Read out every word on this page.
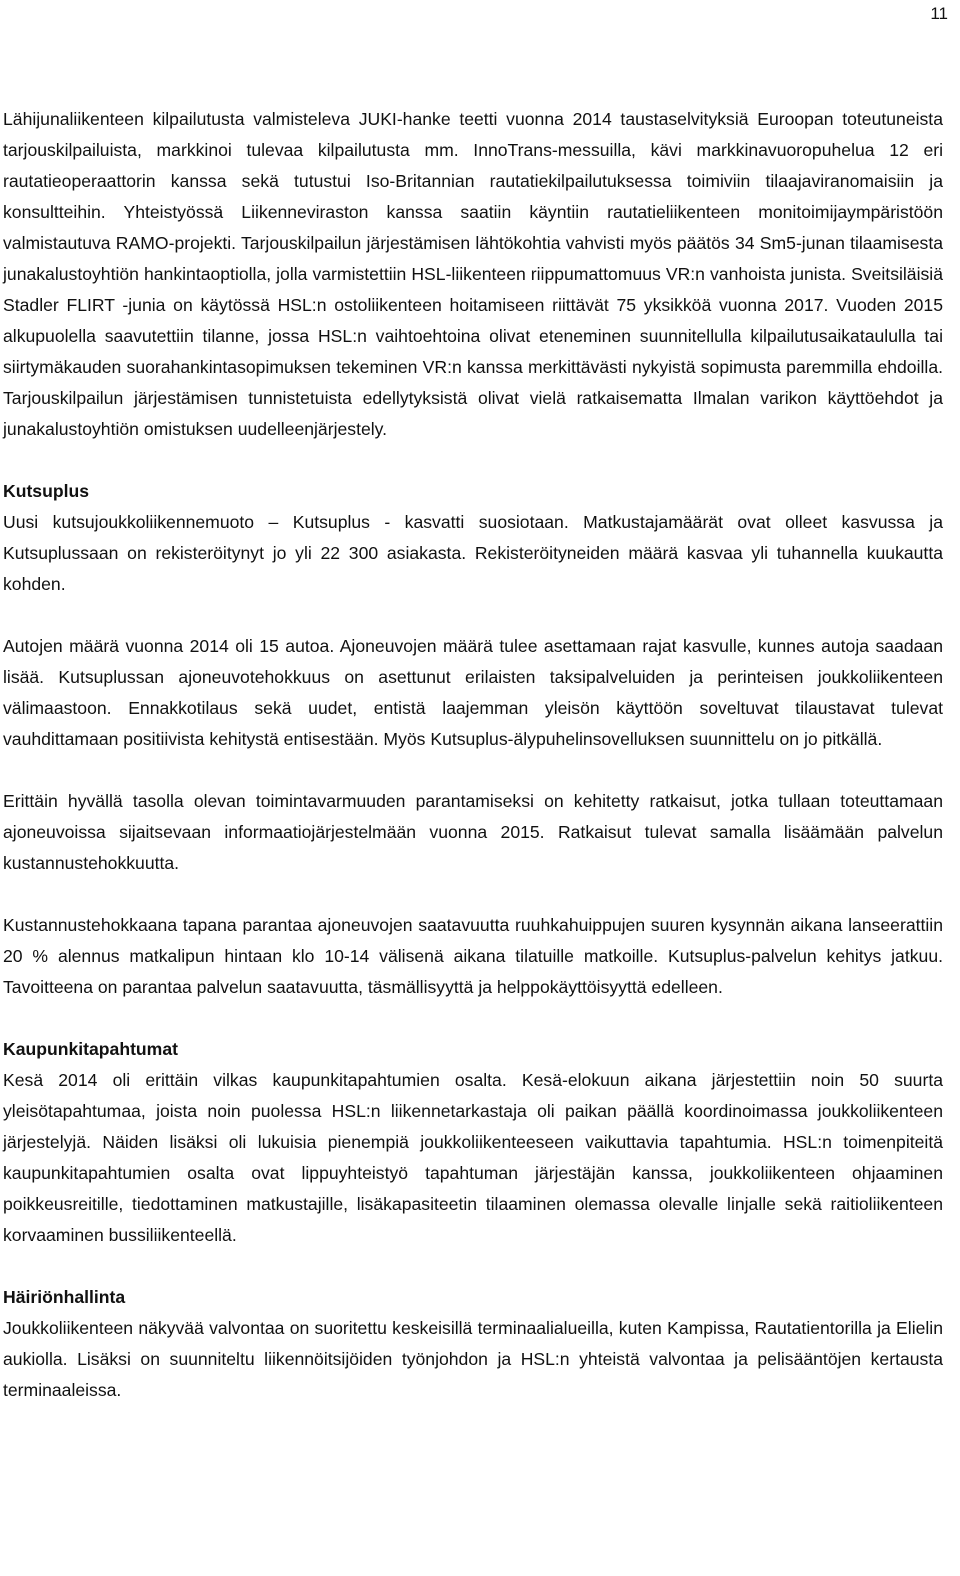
11

Lähijunaliikenteen kilpailutusta valmisteleva JUKI-hanke teetti vuonna 2014 taustaselvityksiä Euroopan toteutuneista tarjouskilpailuista, markkinoi tulevaa kilpailutusta mm. InnoTrans-messuilla, kävi markkinavuoropuhelua 12 eri rautatieoperaattorin kanssa sekä tutustui Iso-Britannian rautatiekilpailutuksessa toimiviin tilaajaviranomaisiin ja konsultteihin. Yhteistyössä Liikenneviraston kanssa saatiin käyntiin rautatieliikenteen monitoimijaympäristöön valmistautuva RAMO-projekti. Tarjouskilpailun järjestämisen lähtökohtia vahvisti myös päätös 34 Sm5-junan tilaamisesta junakalustoyhtiön hankintaoptiolla, jolla varmistettiin HSL-liikenteen riippumattomuus VR:n vanhoista junista. Sveitsiläisiä Stadler FLIRT -junia on käytössä HSL:n ostoliikenteen hoitamiseen riittävät 75 yksikköä vuonna 2017. Vuoden 2015 alkupuolella saavutettiin tilanne, jossa HSL:n vaihtoehtoina olivat eteneminen suunnitellulla kilpailutusaikataululla tai siirtymäkauden suorahankintasopimuksen tekeminen VR:n kanssa merkittävästi nykyistä sopimusta paremmilla ehdoilla. Tarjouskilpailun järjestämisen tunnistetuista edellytyksistä olivat vielä ratkaisematta Ilmalan varikon käyttöehdot ja junakalustoyhtiön omistuksen uudelleenjärjestely.

Kutsuplus

Uusi kutsujoukkoliikennemuoto – Kutsuplus - kasvatti suosiotaan. Matkustajamäärät ovat olleet kasvussa ja Kutsuplussaan on rekisteröitynyt jo yli 22 300 asiakasta. Rekisteröityneiden määrä kasvaa yli tuhannella kuukautta kohden.

Autojen määrä vuonna 2014 oli 15 autoa. Ajoneuvojen määrä tulee asettamaan rajat kasvulle, kunnes autoja saadaan lisää. Kutsuplussan ajoneuvotehokkuus on asettunut erilaisten taksipalveluiden ja perinteisen joukkoliikenteen välimaastoon. Ennakkotilaus sekä uudet, entistä laajemman yleisön käyttöön soveltuvat tilaustavat tulevat vauhdittamaan positiivista kehitystä entisestään. Myös Kutsuplus-älypuhelinsovelluksen suunnittelu on jo pitkällä.

Erittäin hyvällä tasolla olevan toimintavarmuuden parantamiseksi on kehitetty ratkaisut, jotka tullaan toteuttamaan ajoneuvoissa sijaitsevaan informaatiojärjestelmään vuonna 2015. Ratkaisut tulevat samalla lisäämään palvelun kustannustehokkuutta.

Kustannustehokkaana tapana parantaa ajoneuvojen saatavuutta ruuhkahuippujen suuren kysynnän aikana lanseerattiin 20 % alennus matkalipun hintaan klo 10-14 välisenä aikana tilatuille matkoille. Kutsuplus-palvelun kehitys jatkuu. Tavoitteena on parantaa palvelun saatavuutta, täsmällisyyttä ja helppokäyttöisyyttä edelleen.

Kaupunkitapahtumat

Kesä 2014 oli erittäin vilkas kaupunkitapahtumien osalta. Kesä-elokuun aikana järjestettiin noin 50 suurta yleisötapahtumaa, joista noin puolessa HSL:n liikennetarkastaja oli paikan päällä koordinoimassa joukkoliikenteen järjestelyjä. Näiden lisäksi oli lukuisia pienempiä joukkoliikenteeseen vaikuttavia tapahtumia. HSL:n toimenpiteitä kaupunkitapahtumien osalta ovat lippuyhteistyö tapahtuman järjestäjän kanssa, joukkoliikenteen ohjaaminen poikkeusreitille, tiedottaminen matkustajille, lisäkapasiteetin tilaaminen olemassa olevalle linjalle sekä raitioliikenteen korvaaminen bussiliikenteellä.

Häiriönhallinta

Joukkoliikenteen näkyvää valvontaa on suoritettu keskeisillä terminaalialueilla, kuten Kampissa, Rautatientorilla ja Elielin aukiolla. Lisäksi on suunniteltu liikennöitsijöiden työnjohdon ja HSL:n yhteistä valvontaa ja pelisääntöjen kertausta terminaaleissa.
